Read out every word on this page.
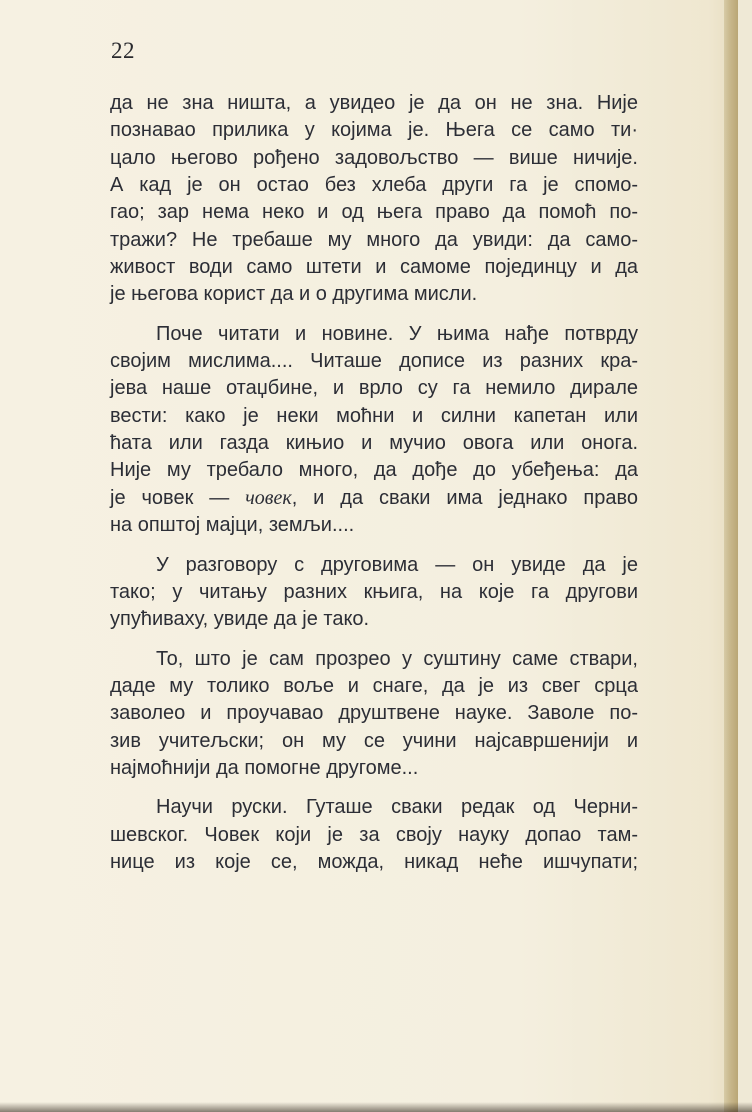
22
да не зна ништа, а увидео је да он не зна. Није
познавао прилика у којима је. Њега се само ти·
цало његово рођено задовољство — више ничије.
А кад је он остао без хлеба други га је спомо-
гао; зар нема неко и од њега право да помоћ по-
тражи? Не требаше му много да увиди: да само-
живост води само штети и самоме појединцу и да
је његова корист да и о другима мисли.
Поче читати и новине. У њима нађе потврду
својим мислима.... Читаше дописе из разних кра-
јева наше отаџбине, и врло су га немило дирале
вести: како је неки моћни и силни капетан или
ћата или газда кињио и мучио овога или онога.
Није му требало много, да дође до убеђења: да
је човек — човек, и да сваки има једнако право
на општој мајци, земљи....
У разговору с друговима — он увиде да је
тако; у читању разних књига, на које га другови
упућиваху, увиде да је тако.
То, што је сам прозрео у суштину саме ствари,
даде му толико воље и снаге, да је из свег срца
заволео и проучавао друштвене науке. Заволе по-
зив учитељски; он му се учини најсавршенији и
најмоћнији да помогне другоме...
Научи руски. Гуташе сваки редак од Черни-
шевског. Човек који је за своју науку допао там-
нице из које се, можда, никад неће ишчупати;
